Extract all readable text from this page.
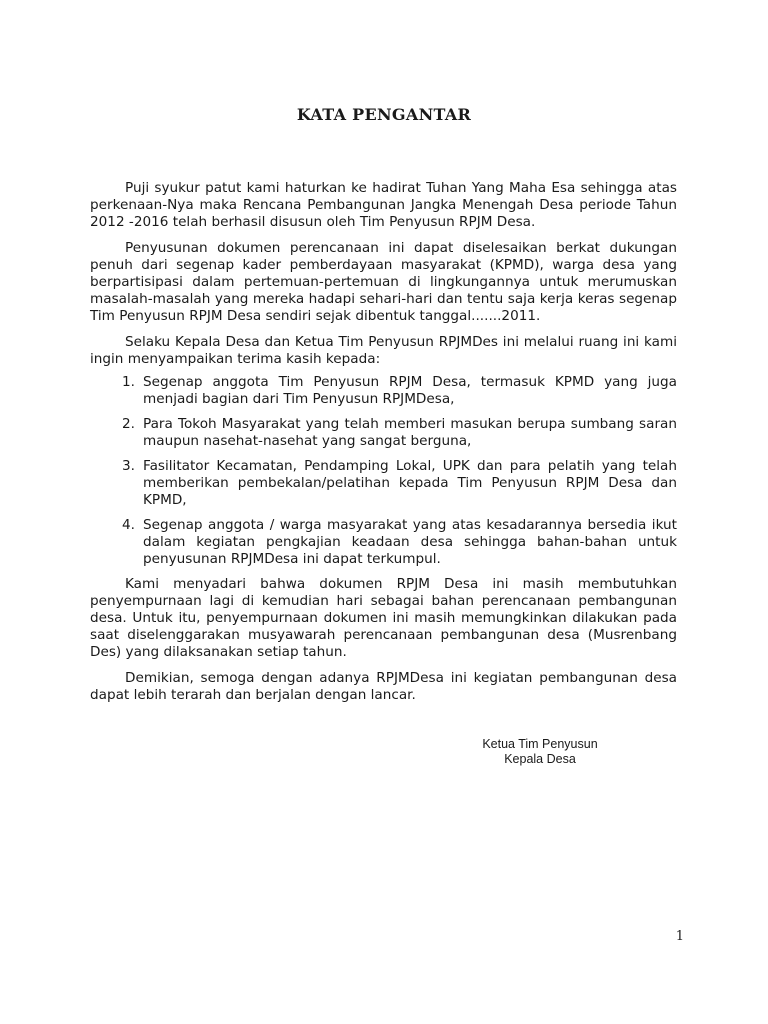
KATA PENGANTAR

Puji syukur patut kami haturkan ke hadirat Tuhan Yang Maha Esa sehingga atas perkenaan-Nya maka Rencana Pembangunan Jangka Menengah Desa periode Tahun 2012 -2016 telah berhasil disusun oleh Tim Penyusun RPJM Desa.

Penyusunan dokumen perencanaan ini dapat diselesaikan berkat dukungan penuh dari segenap kader pemberdayaan masyarakat (KPMD), warga desa yang berpartisipasi dalam pertemuan-pertemuan di lingkungannya untuk merumuskan masalah-masalah yang mereka hadapi sehari-hari dan tentu saja kerja keras segenap Tim Penyusun RPJM Desa sendiri sejak dibentuk tanggal.......2011.

Selaku Kepala Desa dan Ketua Tim Penyusun RPJMDes ini melalui ruang ini kami ingin menyampaikan terima kasih kepada:

1. Segenap anggota Tim Penyusun RPJM Desa, termasuk KPMD yang juga menjadi bagian dari Tim Penyusun RPJMDesa,
2. Para Tokoh Masyarakat yang telah memberi masukan berupa sumbang saran maupun nasehat-nasehat yang sangat berguna,
3. Fasilitator Kecamatan, Pendamping Lokal, UPK dan para pelatih yang telah memberikan pembekalan/pelatihan kepada Tim Penyusun RPJM Desa dan KPMD,
4. Segenap anggota / warga masyarakat yang atas kesadarannya bersedia ikut dalam kegiatan pengkajian keadaan desa sehingga bahan-bahan untuk penyusunan RPJMDesa ini dapat terkumpul.

Kami menyadari bahwa dokumen RPJM Desa ini masih membutuhkan penyempurnaan lagi di kemudian hari sebagai bahan perencanaan pembangunan desa. Untuk itu, penyempurnaan dokumen ini masih memungkinkan dilakukan pada saat diselenggarakan musyawarah perencanaan pembangunan desa (Musrenbang Des) yang dilaksanakan setiap tahun.

Demikian, semoga dengan adanya RPJMDesa ini kegiatan pembangunan desa dapat lebih terarah dan berjalan dengan lancar.

Ketua Tim Penyusun
Kepala Desa
1
